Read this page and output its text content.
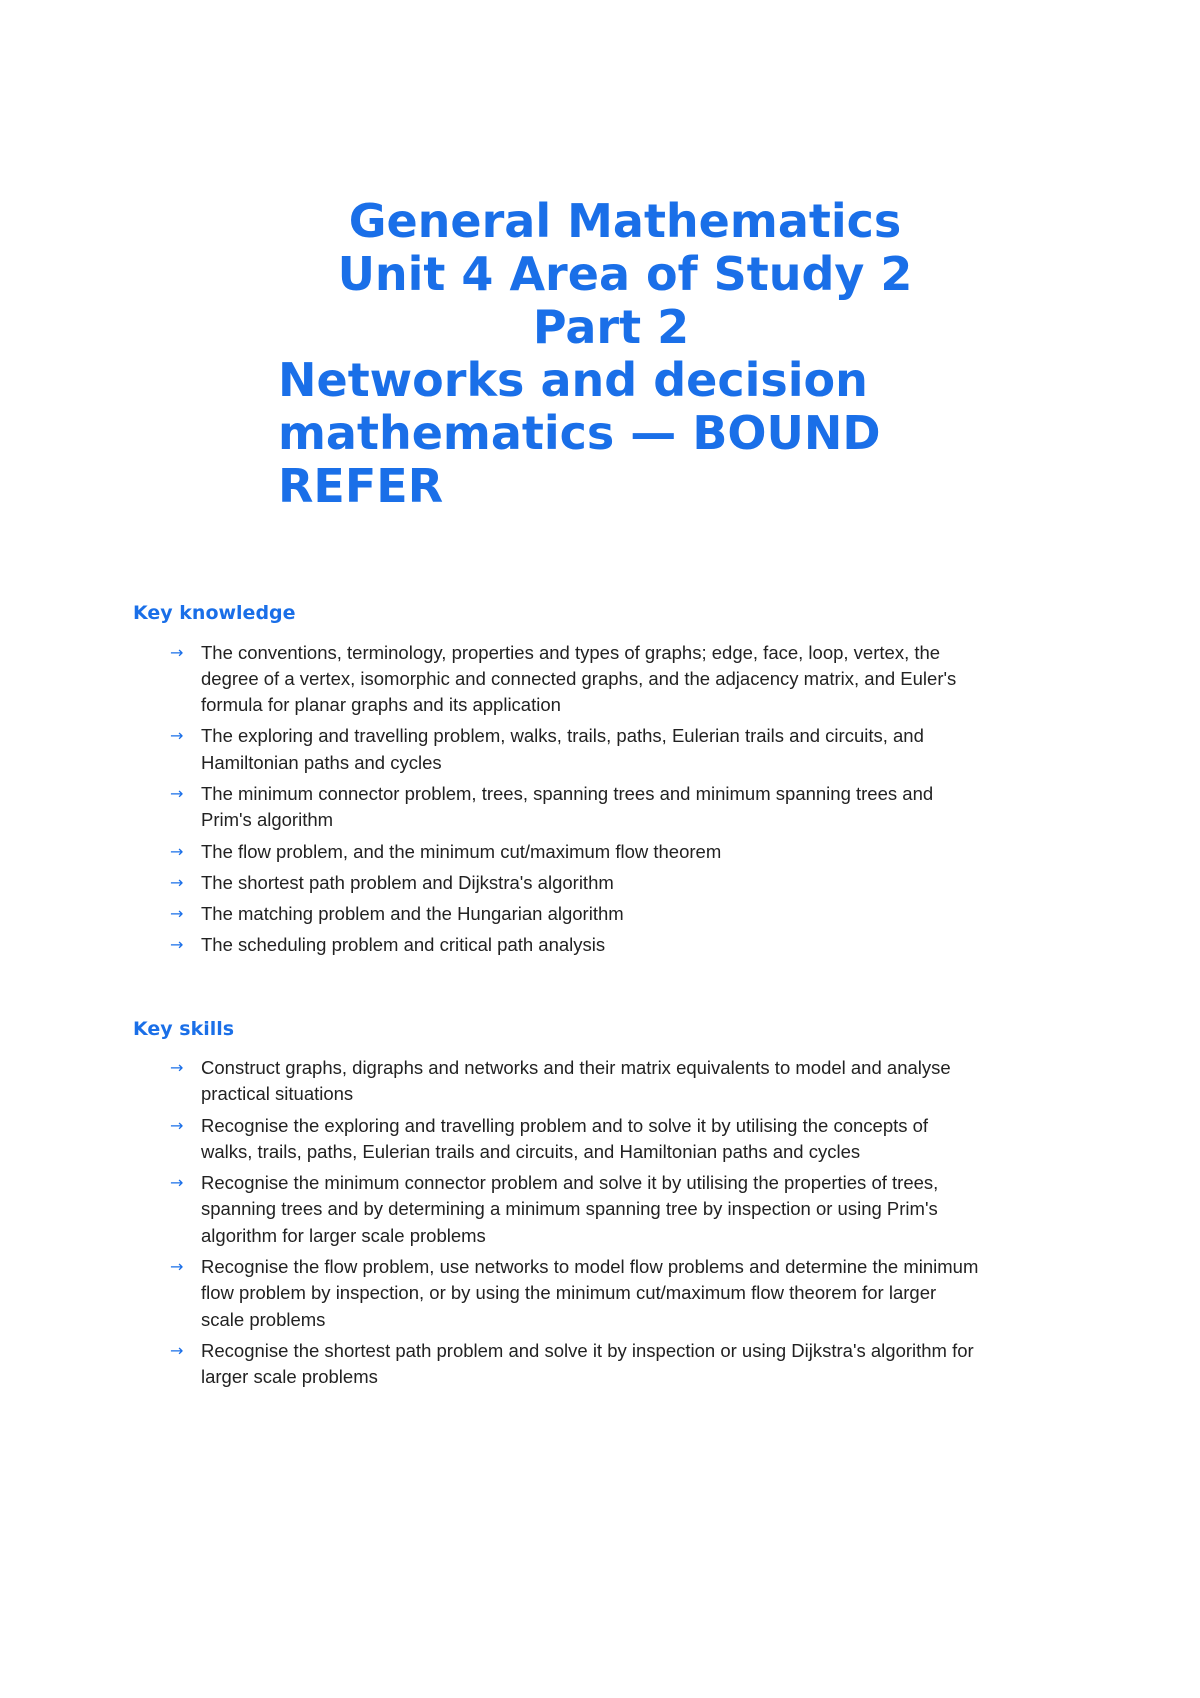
General Mathematics
Unit 4 Area of Study 2
Part 2
Networks and decision mathematics — BOUND REFER
Key knowledge
→ The conventions, terminology, properties and types of graphs; edge, face, loop, vertex, the
degree of a vertex, isomorphic and connected graphs, and the adjacency matrix, and Euler's
formula for planar graphs and its application
→ The exploring and travelling problem, walks, trails, paths, Eulerian trails and circuits, and
Hamiltonian paths and cycles
→ The minimum connector problem, trees, spanning trees and minimum spanning trees and
Prim's algorithm
→ The flow problem, and the minimum cut/maximum flow theorem
→ The shortest path problem and Dijkstra's algorithm
→ The matching problem and the Hungarian algorithm
→ The scheduling problem and critical path analysis
Key skills
→ Construct graphs, digraphs and networks and their matrix equivalents to model and analyse
practical situations
→ Recognise the exploring and travelling problem and to solve it by utilising the concepts of
walks, trails, paths, Eulerian trails and circuits, and Hamiltonian paths and cycles
→ Recognise the minimum connector problem and solve it by utilising the properties of trees,
spanning trees and by determining a minimum spanning tree by inspection or using Prim's
algorithm for larger scale problems
→ Recognise the flow problem, use networks to model flow problems and determine the minimum
flow problem by inspection, or by using the minimum cut/maximum flow theorem for larger
scale problems
→ Recognise the shortest path problem and solve it by inspection or using Dijkstra's algorithm for
larger scale problems
